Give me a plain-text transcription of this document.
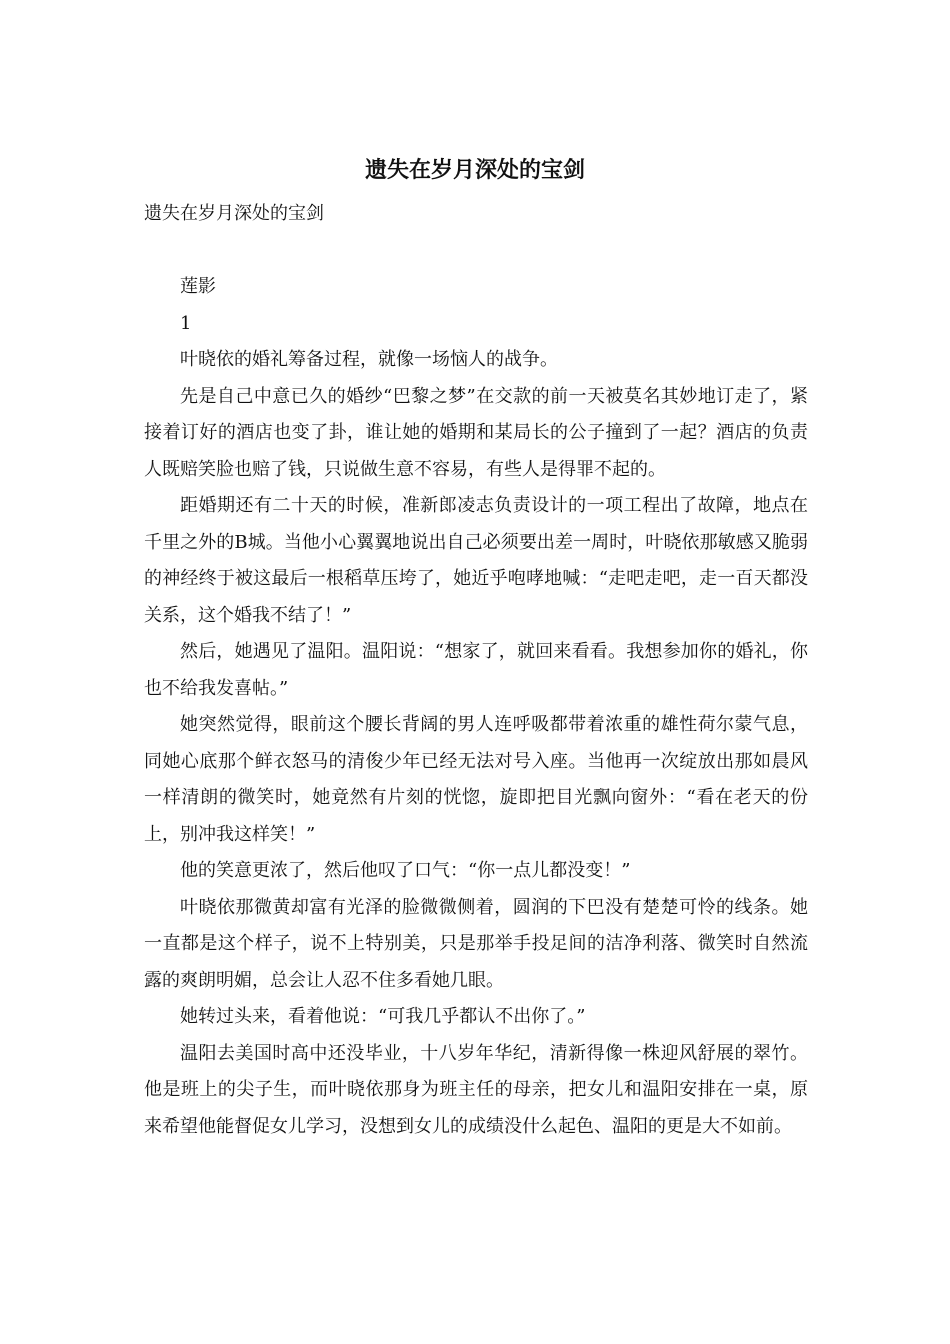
遗失在岁月深处的宝剑

遗失在岁月深处的宝剑

莲影

1

叶晓依的婚礼筹备过程，就像一场恼人的战争。

先是自己中意已久的婚纱“巴黎之梦”在交款的前一天被莫名其妙地订走了，紧接着订好的酒店也变了卦，谁让她的婚期和某局长的公子撞到了一起？酒店的负责人既赔笑脸也赔了钱，只说做生意不容易，有些人是得罪不起的。

距婚期还有二十天的时候，准新郎凌志负责设计的一项工程出了故障，地点在千里之外的B城。当他小心翼翼地说出自己必须要出差一周时，叶晓依那敏感又脆弱的神经终于被这最后一根稻草压垮了，她近乎咆哮地喊：“走吧走吧，走一百天都没关系，这个婚我不结了！”

然后，她遇见了温阳。温阳说：“想家了，就回来看看。我想参加你的婚礼，你也不给我发喜帖。”

她突然觉得，眼前这个腰长背阔的男人连呼吸都带着浓重的雄性荷尔蒙气息，同她心底那个鲜衣怒马的清俊少年已经无法对号入座。当他再一次绽放出那如晨风一样清朗的微笑时，她竟然有片刻的恍惚，旋即把目光飘向窗外：“看在老天的份上，别冲我这样笑！”

他的笑意更浓了，然后他叹了口气：“你一点儿都没变！”

叶晓依那微黄却富有光泽的脸微微侧着，圆润的下巴没有楚楚可怜的线条。她一直都是这个样子，说不上特别美，只是那举手投足间的洁净利落、微笑时自然流露的爽朗明媚，总会让人忍不住多看她几眼。

她转过头来，看着他说：“可我几乎都认不出你了。”

温阳去美国时高中还没毕业，十八岁年华纪，清新得像一株迎风舒展的翠竹。他是班上的尖子生，而叶晓依那身为班主任的母亲，把女儿和温阳安排在一桌，原来希望他能督促女儿学习，没想到女儿的成绩没什么起色、温阳的更是大不如前。
